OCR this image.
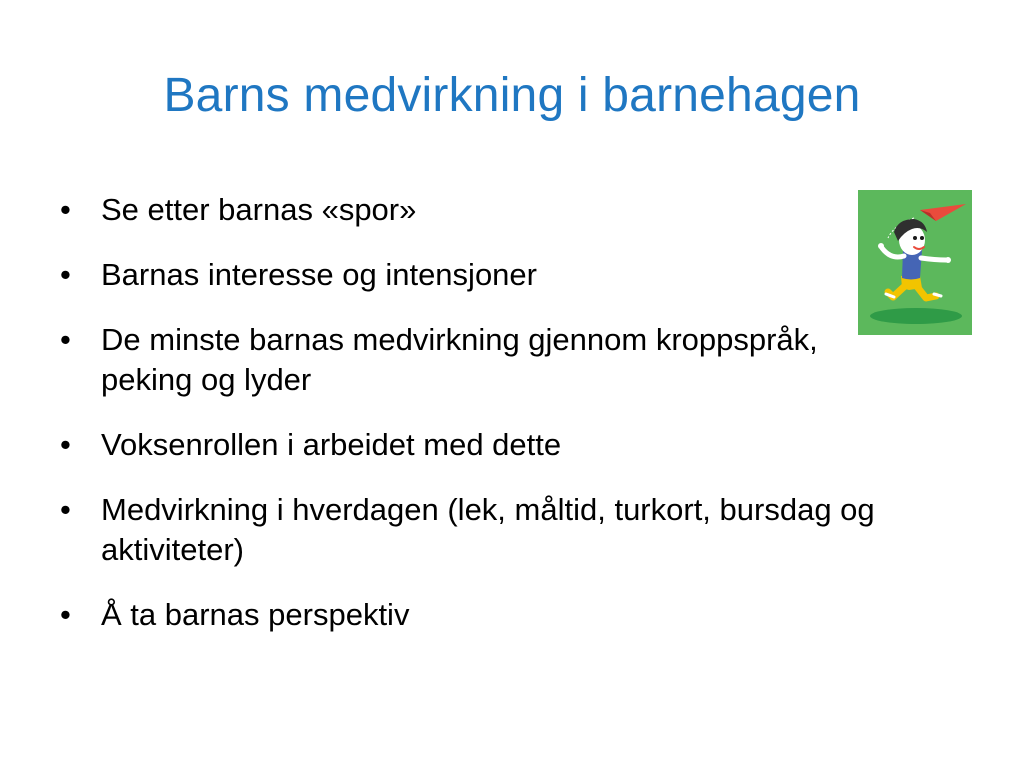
Barns medvirkning i barnehagen
• Se etter barnas «spor»
• Barnas interesse og intensjoner
• De minste barnas medvirkning gjennom kroppspråk, peking og lyder
• Voksenrollen i arbeidet med dette
• Medvirkning i hverdagen (lek, måltid, turkort, bursdag og aktiviteter)
• Å ta barnas perspektiv
